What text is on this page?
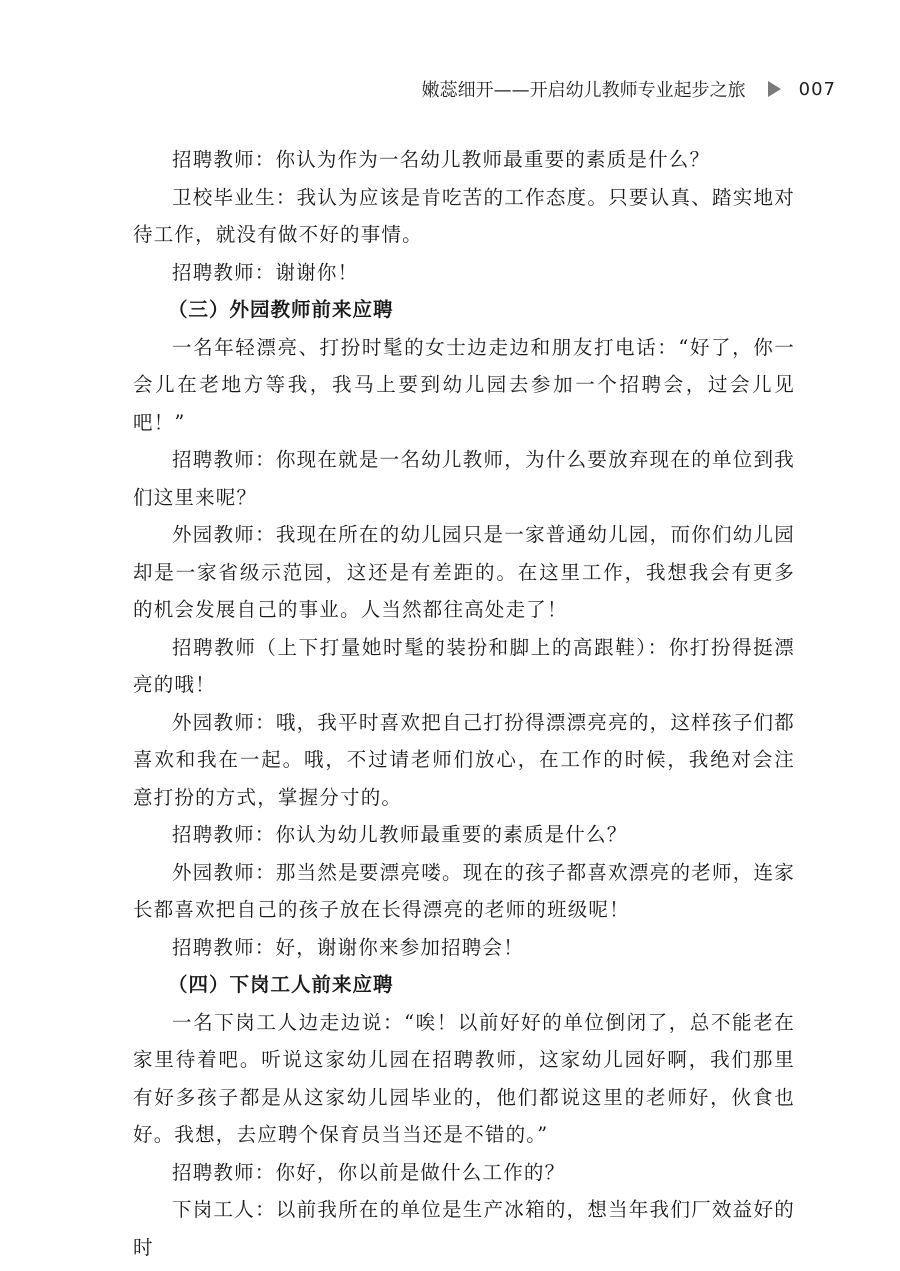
嫩蕊细开——开启幼儿教师专业起步之旅	007

招聘教师：你认为作为一名幼儿教师最重要的素质是什么？

卫校毕业生：我认为应该是肯吃苦的工作态度。只要认真、踏实地对待工作，就没有做不好的事情。

招聘教师：谢谢你！

（三）外园教师前来应聘

一名年轻漂亮、打扮时髦的女士边走边和朋友打电话：“好了，你一会儿在老地方等我，我马上要到幼儿园去参加一个招聘会，过会儿见吧！”

招聘教师：你现在就是一名幼儿教师，为什么要放弃现在的单位到我们这里来呢？

外园教师：我现在所在的幼儿园只是一家普通幼儿园，而你们幼儿园却是一家省级示范园，这还是有差距的。在这里工作，我想我会有更多的机会发展自己的事业。人当然都往高处走了！

招聘教师（上下打量她时髦的装扮和脚上的高跟鞋）：你打扮得挺漂亮的哦！

外园教师：哦，我平时喜欢把自己打扮得漂漂亮亮的，这样孩子们都喜欢和我在一起。哦，不过请老师们放心，在工作的时候，我绝对会注意打扮的方式，掌握分寸的。

招聘教师：你认为幼儿教师最重要的素质是什么？

外园教师：那当然是要漂亮喽。现在的孩子都喜欢漂亮的老师，连家长都喜欢把自己的孩子放在长得漂亮的老师的班级呢！

招聘教师：好，谢谢你来参加招聘会！

（四）下岗工人前来应聘

一名下岗工人边走边说：“唉！以前好好的单位倒闭了，总不能老在家里待着吧。听说这家幼儿园在招聘教师，这家幼儿园好啊，我们那里有好多孩子都是从这家幼儿园毕业的，他们都说这里的老师好，伙食也好。我想，去应聘个保育员当当还是不错的。”

招聘教师：你好，你以前是做什么工作的？

下岗工人：以前我所在的单位是生产冰箱的，想当年我们厂效益好的时
